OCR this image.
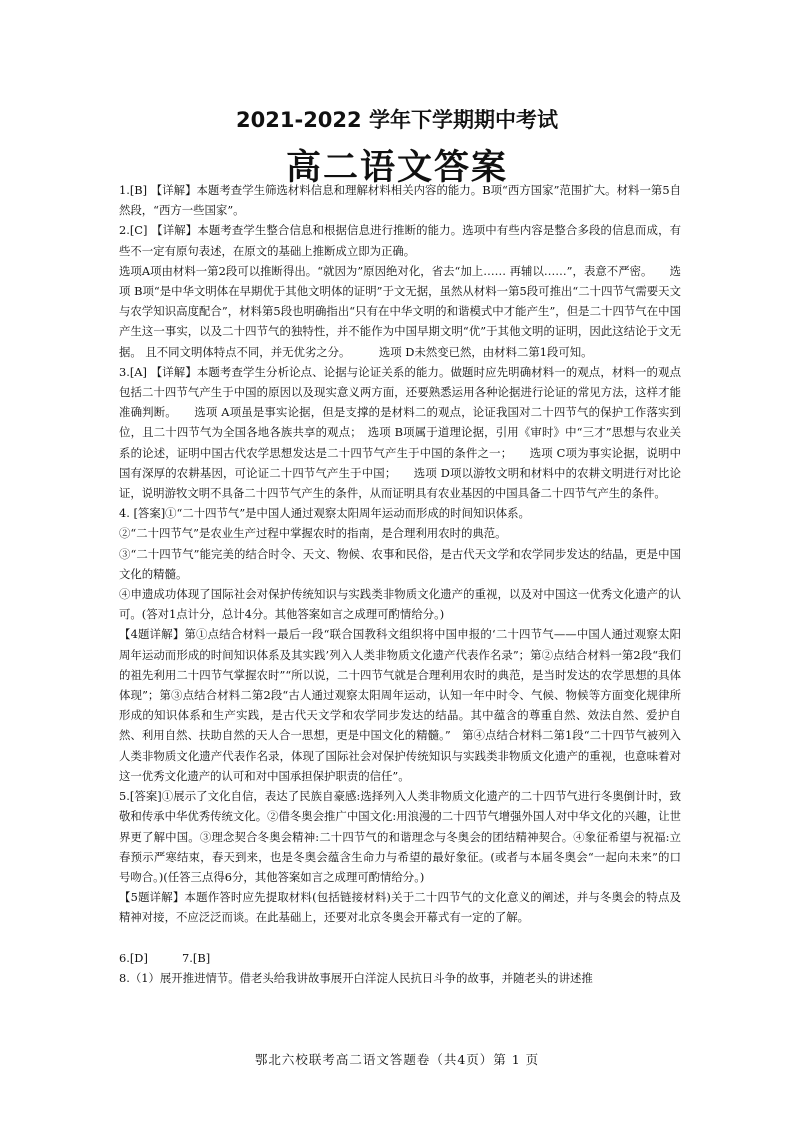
2021-2022 学年下学期期中考试
高二语文答案

1.[B] 【详解】本题考查学生筛选材料信息和理解材料相关内容的能力。B项“西方国家”范围扩大。材料一第5自然段，“西方一些国家”。

2.[C] 【详解】本题考查学生整合信息和根据信息进行推断的能力。选项中有些内容是整合多段的信息而成，有些不一定有原句表述，在原文的基础上推断成立即为正确。

选项A项由材料一第2段可以推断得出。“就因为”原因绝对化，省去“加上…… 再辅以……”，表意不严密。　　选项 B项“是中华文明体在早期优于其他文明体的证明”于文无据，虽然从材料一第5段可推出“二十四节气需要天文与农学知识高度配合”，材料第5段也明确指出“只有在中华文明的和谐模式中才能产生”，但是二十四节气在中国产生这一事实，以及二十四节气的独特性，并不能作为中国早期文明“优”于其他文明的证明，因此这结论于文无据。 且不同文明体特点不同，并无优劣之分。　　　选项 D未然变已然，由材料二第1段可知。

3.[A] 【详解】本题考查学生分析论点、论据与论证关系的能力。做题时应先明确材料一的观点，材料一的观点包括二十四节气产生于中国的原因以及现实意义两方面，还要熟悉运用各种论据进行论证的常见方法，这样才能准确判断。　　选项 A项虽是事实论据，但是支撑的是材料二的观点，论证我国对二十四节气的保护工作落实到位，且二十四节气为全国各地各族共享的观点；　选项 B项属于道理论据，引用《审时》中“三才”思想与农业关系的论述，证明中国古代农学思想发达是二十四节气产生于中国的条件之一；　　选项 C项为事实论据，说明中国有深厚的农耕基因，可论证二十四节气产生于中国；　　选项 D项以游牧文明和材料中的农耕文明进行对比论证，说明游牧文明不具备二十四节气产生的条件，从而证明具有农业基因的中国具备二十四节气产生的条件。

4. [答案]①“二十四节气”是中国人通过观察太阳周年运动而形成的时间知识体系。

②“二十四节气”是农业生产过程中掌握农时的指南，是合理利用农时的典范。

③“二十四节气”能完美的结合时令、天文、物候、农事和民俗，是古代天文学和农学同步发达的结晶，更是中国文化的精髓。

④申遗成功体现了国际社会对保护传统知识与实践类非物质文化遗产的重视，以及对中国这一优秀文化遗产的认可。(答对1点计分，总计4分。其他答案如言之成理可酌情给分。)

【4题详解】第①点结合材料一最后一段“联合国教科文组织将中国申报的‘二十四节气——中国人通过观察太阳周年运动而形成的时间知识体系及其实践’列入人类非物质文化遗产代表作名录”；第②点结合材料一第2段“我们的祖先利用二十四节气掌握农时”“所以说，二十四节气就是合理利用农时的典范，是当时发达的农学思想的具体体现”；第③点结合材料二第2段“古人通过观察太阳周年运动，认知一年中时令、气候、物候等方面变化规律所形成的知识体系和生产实践，是古代天文学和农学同步发达的结晶。其中蕴含的尊重自然、效法自然、爱护自然、利用自然、扶助自然的天人合一思想，更是中国文化的精髓。”　第④点结合材料二第1段“二十四节气被列入人类非物质文化遗产代表作名录，体现了国际社会对保护传统知识与实践类非物质文化遗产的重视，也意味着对这一优秀文化遗产的认可和对中国承担保护职责的信任”。

5.[答案]①展示了文化自信，表达了民族自豪感:选择列入人类非物质文化遗产的二十四节气进行冬奥倒计时，致敬和传承中华优秀传统文化。②借冬奥会推广中国文化:用浪漫的二十四节气增强外国人对中华文化的兴趣，让世界更了解中国。③理念契合冬奥会精神:二十四节气的和谐理念与冬奥会的团结精神契合。④象征希望与祝福:立春预示严寒结束，春天到来，也是冬奥会蕴含生命力与希望的最好象征。(或者与本届冬奥会“一起向未来”的口号吻合。)(任答三点得6分，其他答案如言之成理可酌情给分。)

【5题详解】本题作答时应先提取材料(包括链接材料)关于二十四节气的文化意义的阐述，并与冬奥会的特点及精神对接，不应泛泛而谈。在此基础上，还要对北京冬奥会开幕式有一定的了解。

6.[D]　　　7.[B]

8.（1）展开推进情节。借老头给我讲故事展开白洋淀人民抗日斗争的故事，并随老头的讲述推

鄂北六校联考高二语文答题卷（共4页）第 1 页
